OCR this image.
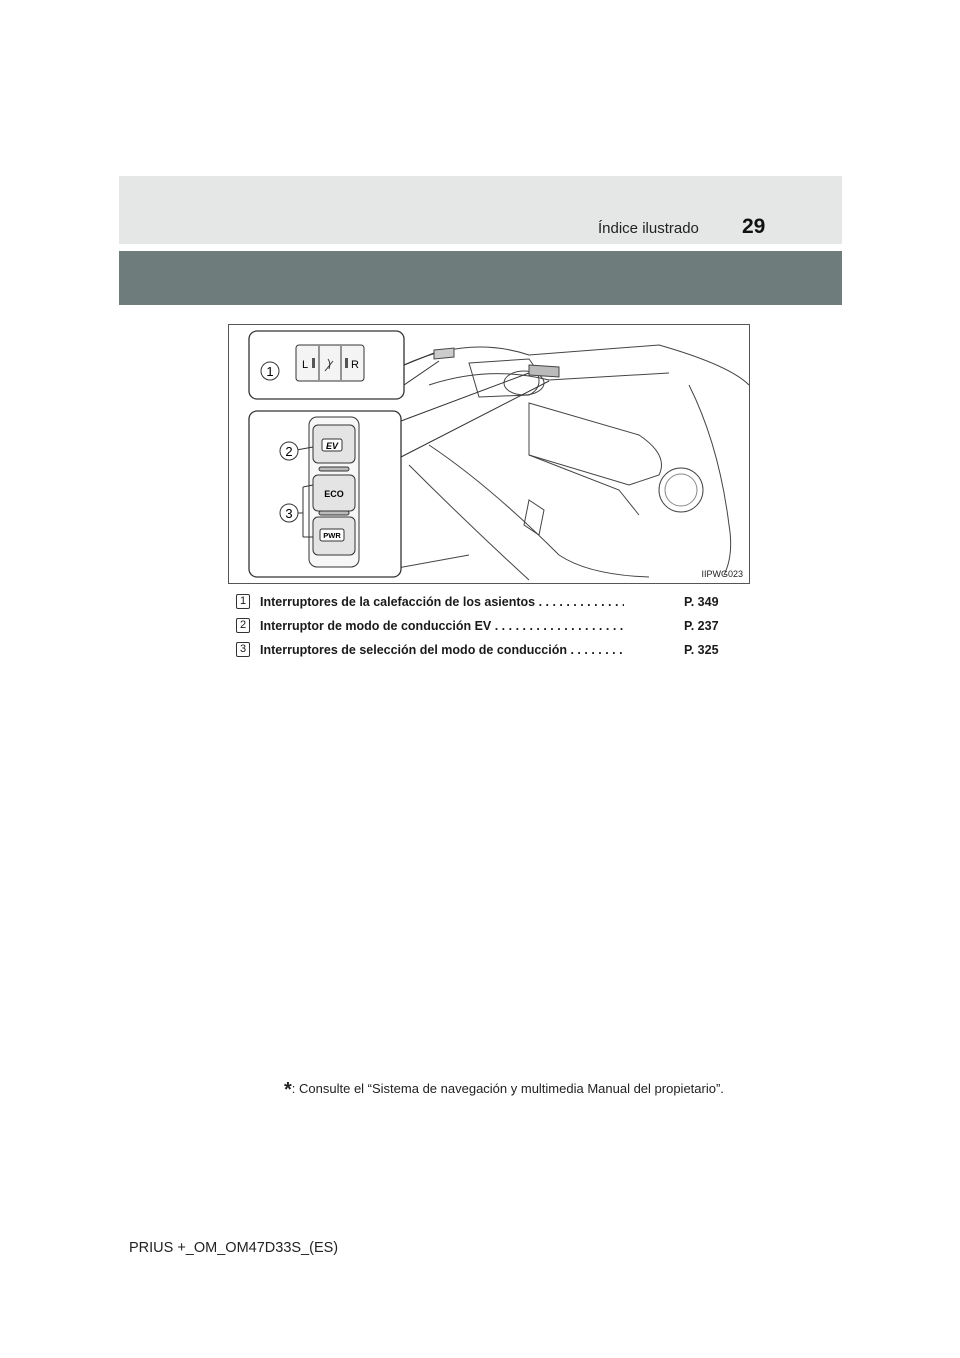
Índice ilustrado 29
1
2
3
L	R
EV
ECO
PWR
IIPWG023
1	Interruptores de la calefacción de los asientos . . .	P. 349
2	Interruptor de modo de conducción EV . . .	P. 237
3	Interruptores de selección del modo de conducción . . .	P. 325
*: Consulte el “Sistema de navegación y multimedia Manual del propietario”.
PRIUS +_OM_OM47D33S_(ES)
